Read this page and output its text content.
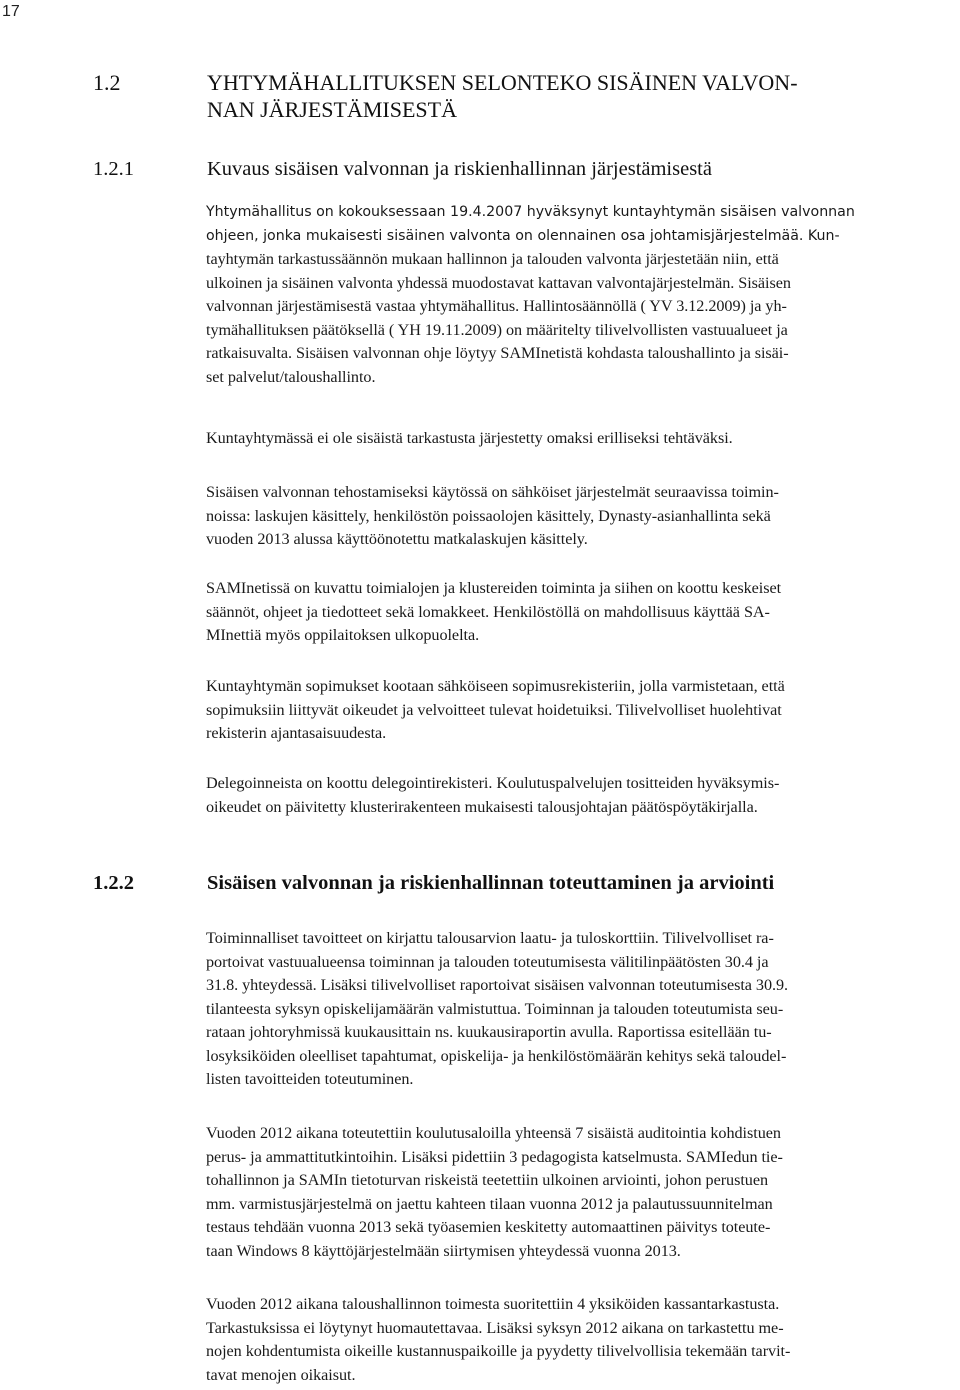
17
1.2	YHTYMÄHALLITUKSEN SELONTEKO SISÄINEN VALVON-
NAN JÄRJESTÄMISESTÄ
1.2.1	Kuvaus sisäisen valvonnan ja riskienhallinnan järjestämisestä

Yhtymähallitus on kokouksessaan 19.4.2007 hyväksynyt kuntayhtymän sisäisen valvonnan
ohjeen, jonka mukaisesti sisäinen valvonta on olennainen osa johtamisjärjestelmää. Kun-
tayhtymän tarkastussäännön mukaan hallinnon ja talouden valvonta järjestetään niin, että
ulkoinen ja sisäinen valvonta yhdessä muodostavat kattavan valvontajärjestelmän. Sisäisen
valvonnan järjestämisestä vastaa yhtymähallitus. Hallintosäännöllä ( YV 3.12.2009) ja yh-
tymähallituksen päätöksellä ( YH 19.11.2009) on määritelty tilivelvollisten vastuualueet ja
ratkaisuvalta. Sisäisen valvonnan ohje löytyy SAMInetistä kohdasta taloushallinto ja sisäi-
set palvelut/taloushallinto.

Kuntayhtymässä ei ole sisäistä tarkastusta järjestetty omaksi erilliseksi tehtäväksi.

Sisäisen valvonnan tehostamiseksi käytössä on sähköiset järjestelmät seuraavissa toimin-
noissa: laskujen käsittely, henkilöstön poissaolojen käsittely, Dynasty-asianhallinta sekä
vuoden 2013 alussa käyttöönotettu matkalaskujen käsittely.

SAMInetissä on kuvattu toimialojen ja klustereiden toiminta ja siihen on koottu keskeiset
säännöt, ohjeet ja tiedotteet sekä lomakkeet. Henkilöstöllä on mahdollisuus käyttää SA-
MInettiä myös oppilaitoksen ulkopuolelta.

Kuntayhtymän sopimukset kootaan sähköiseen sopimusrekisteriin, jolla varmistetaan, että
sopimuksiin liittyvät oikeudet ja velvoitteet tulevat hoidetuiksi. Tilivelvolliset huolehtivat
rekisterin ajantasaisuudesta.

Delegoinneista on koottu delegointirekisteri. Koulutuspalvelujen tositteiden hyväksymis-
oikeudet on päivitetty klusterirakenteen mukaisesti talousjohtajan päätöspöytäkirjalla.

1.2.2	Sisäisen valvonnan ja riskienhallinnan toteuttaminen ja arviointi

Toiminnalliset tavoitteet on kirjattu talousarvion laatu- ja tuloskorttiin. Tilivelvolliset ra-
portoivat vastuualueensa toiminnan ja talouden toteutumisesta välitilinpäätösten 30.4 ja
31.8. yhteydessä. Lisäksi tilivelvolliset raportoivat sisäisen valvonnan toteutumisesta 30.9.
tilanteesta syksyn opiskelijamäärän valmistuttua. Toiminnan ja talouden toteutumista seu-
rataan johtoryhmissä kuukausittain ns. kuukausiraportin avulla. Raportissa esitellään tu-
losyksiköiden oleelliset tapahtumat, opiskelija- ja henkilöstömäärän kehitys sekä taloudel-
listen tavoitteiden toteutuminen.

Vuoden 2012 aikana toteutettiin koulutusaloilla yhteensä 7 sisäistä auditointia kohdistuen
perus- ja ammattitutkintoihin. Lisäksi pidettiin 3 pedagogista katselmusta. SAMIedun tie-
tohallinnon ja SAMIn tietoturvan riskeistä teetettiin ulkoinen arviointi, johon perustuen
mm. varmistusjärjestelmä on jaettu kahteen tilaan vuonna 2012 ja palautussuunnitelman
testaus tehdään vuonna 2013 sekä työasemien keskitetty automaattinen päivitys toteute-
taan Windows 8 käyttöjärjestelmään siirtymisen yhteydessä vuonna 2013.

Vuoden 2012 aikana taloushallinnon toimesta suoritettiin 4 yksiköiden kassantarkastusta.
Tarkastuksissa ei löytynyt huomautettavaa. Lisäksi syksyn 2012 aikana on tarkastettu me-
nojen kohdentumista oikeille kustannuspaikoille ja pyydetty tilivelvollisia tekemään tarvit-
tavat menojen oikaisut.
